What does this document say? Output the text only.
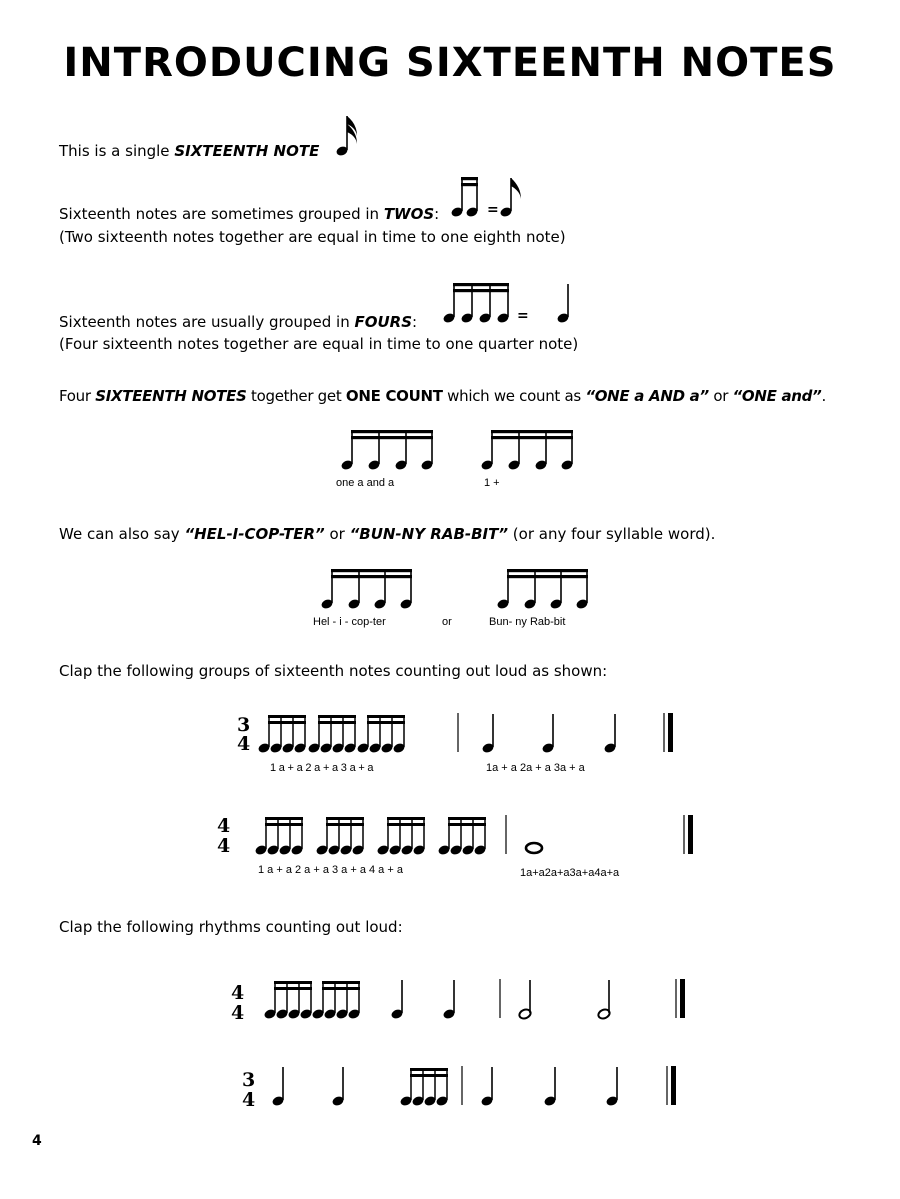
INTRODUCING SIXTEENTH NOTES
This is a single SIXTEENTH NOTE
Sixteenth notes are sometimes grouped in TWOS:
(Two sixteenth notes together are equal in time to one eighth note)
Sixteenth notes are usually grouped in FOURS:
(Four sixteenth notes together are equal in time to one quarter note)
Four SIXTEENTH NOTES together get ONE COUNT which we count as “ONE a AND a” or “ONE and”.
We can also say “HEL-I-COP-TER” or “BUN-NY RAB-BIT” (or any four syllable word).
Clap the following groups of sixteenth notes counting out loud as shown:
Clap the following rhythms counting out loud:
one a and a	1 +
Hel - i - cop-ter	or	Bun- ny Rab-bit
1 a + a 2 a + a 3 a + a	1a + a 2a + a 3a + a
1 a + a 2 a + a 3 a + a 4 a + a	1a+a2a+a3a+a4a+a
4
=
=
3
4
4
4
4
4
3
4
